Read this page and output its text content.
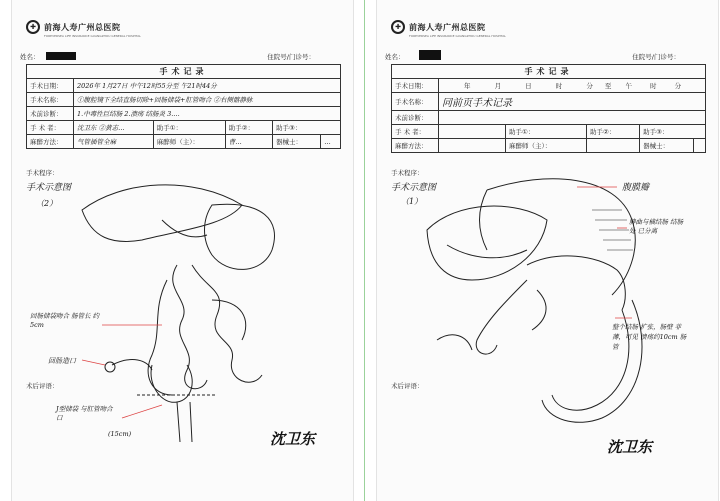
✚	前海人寿广州总医院
FOREVERSEA LIFE INSURANCE GUANGZHOU GENERAL HOSPITAL
姓名：	住院号/门诊号：
手术记录					
手术日期：	2026年 1月27日 中午12时55分至 午21时44分				
手术名称：	①腹腔镜下全结直肠切除+回肠储袋+肛管吻合 ②右侧髂静脉				
术前诊断：	1.中毒性巨结肠 2.溃疡 结肠炎 3.…				
手 术 者：	沈卫东 ②黄志…	助手①：	助手②：	助手③：	
麻醉方法：	气管插管全麻	麻醉师（主）：	曹…	器械士：	…
手术程序：
手术示意图
（2）
回肠储袋吻合 肠管长 约5cm
回肠造口
J型储袋 与肛管吻合口
(15cm)
术后评语：
沈卫东
✚	前海人寿广州总医院
FOREVERSEA LIFE INSURANCE GUANGZHOU GENERAL HOSPITAL
姓名：	住院号/门诊号：
手术记录					
手术日期：	年 月 日 时 分 至 午 时 分				
手术名称：	同前页手术记录				
术前诊断：					
手 术 者：		助手①：	助手②：	助手③：	
麻醉方法：		麻醉师（主）：		器械士：	
手术程序：
手术示意图
（1）
腹膜瓣
脾曲与横结肠 结肠处 已分离
整个结肠 扩张，肠壁 菲薄，可见 溃疡约10cm 肠管
术后评语：
沈卫东
